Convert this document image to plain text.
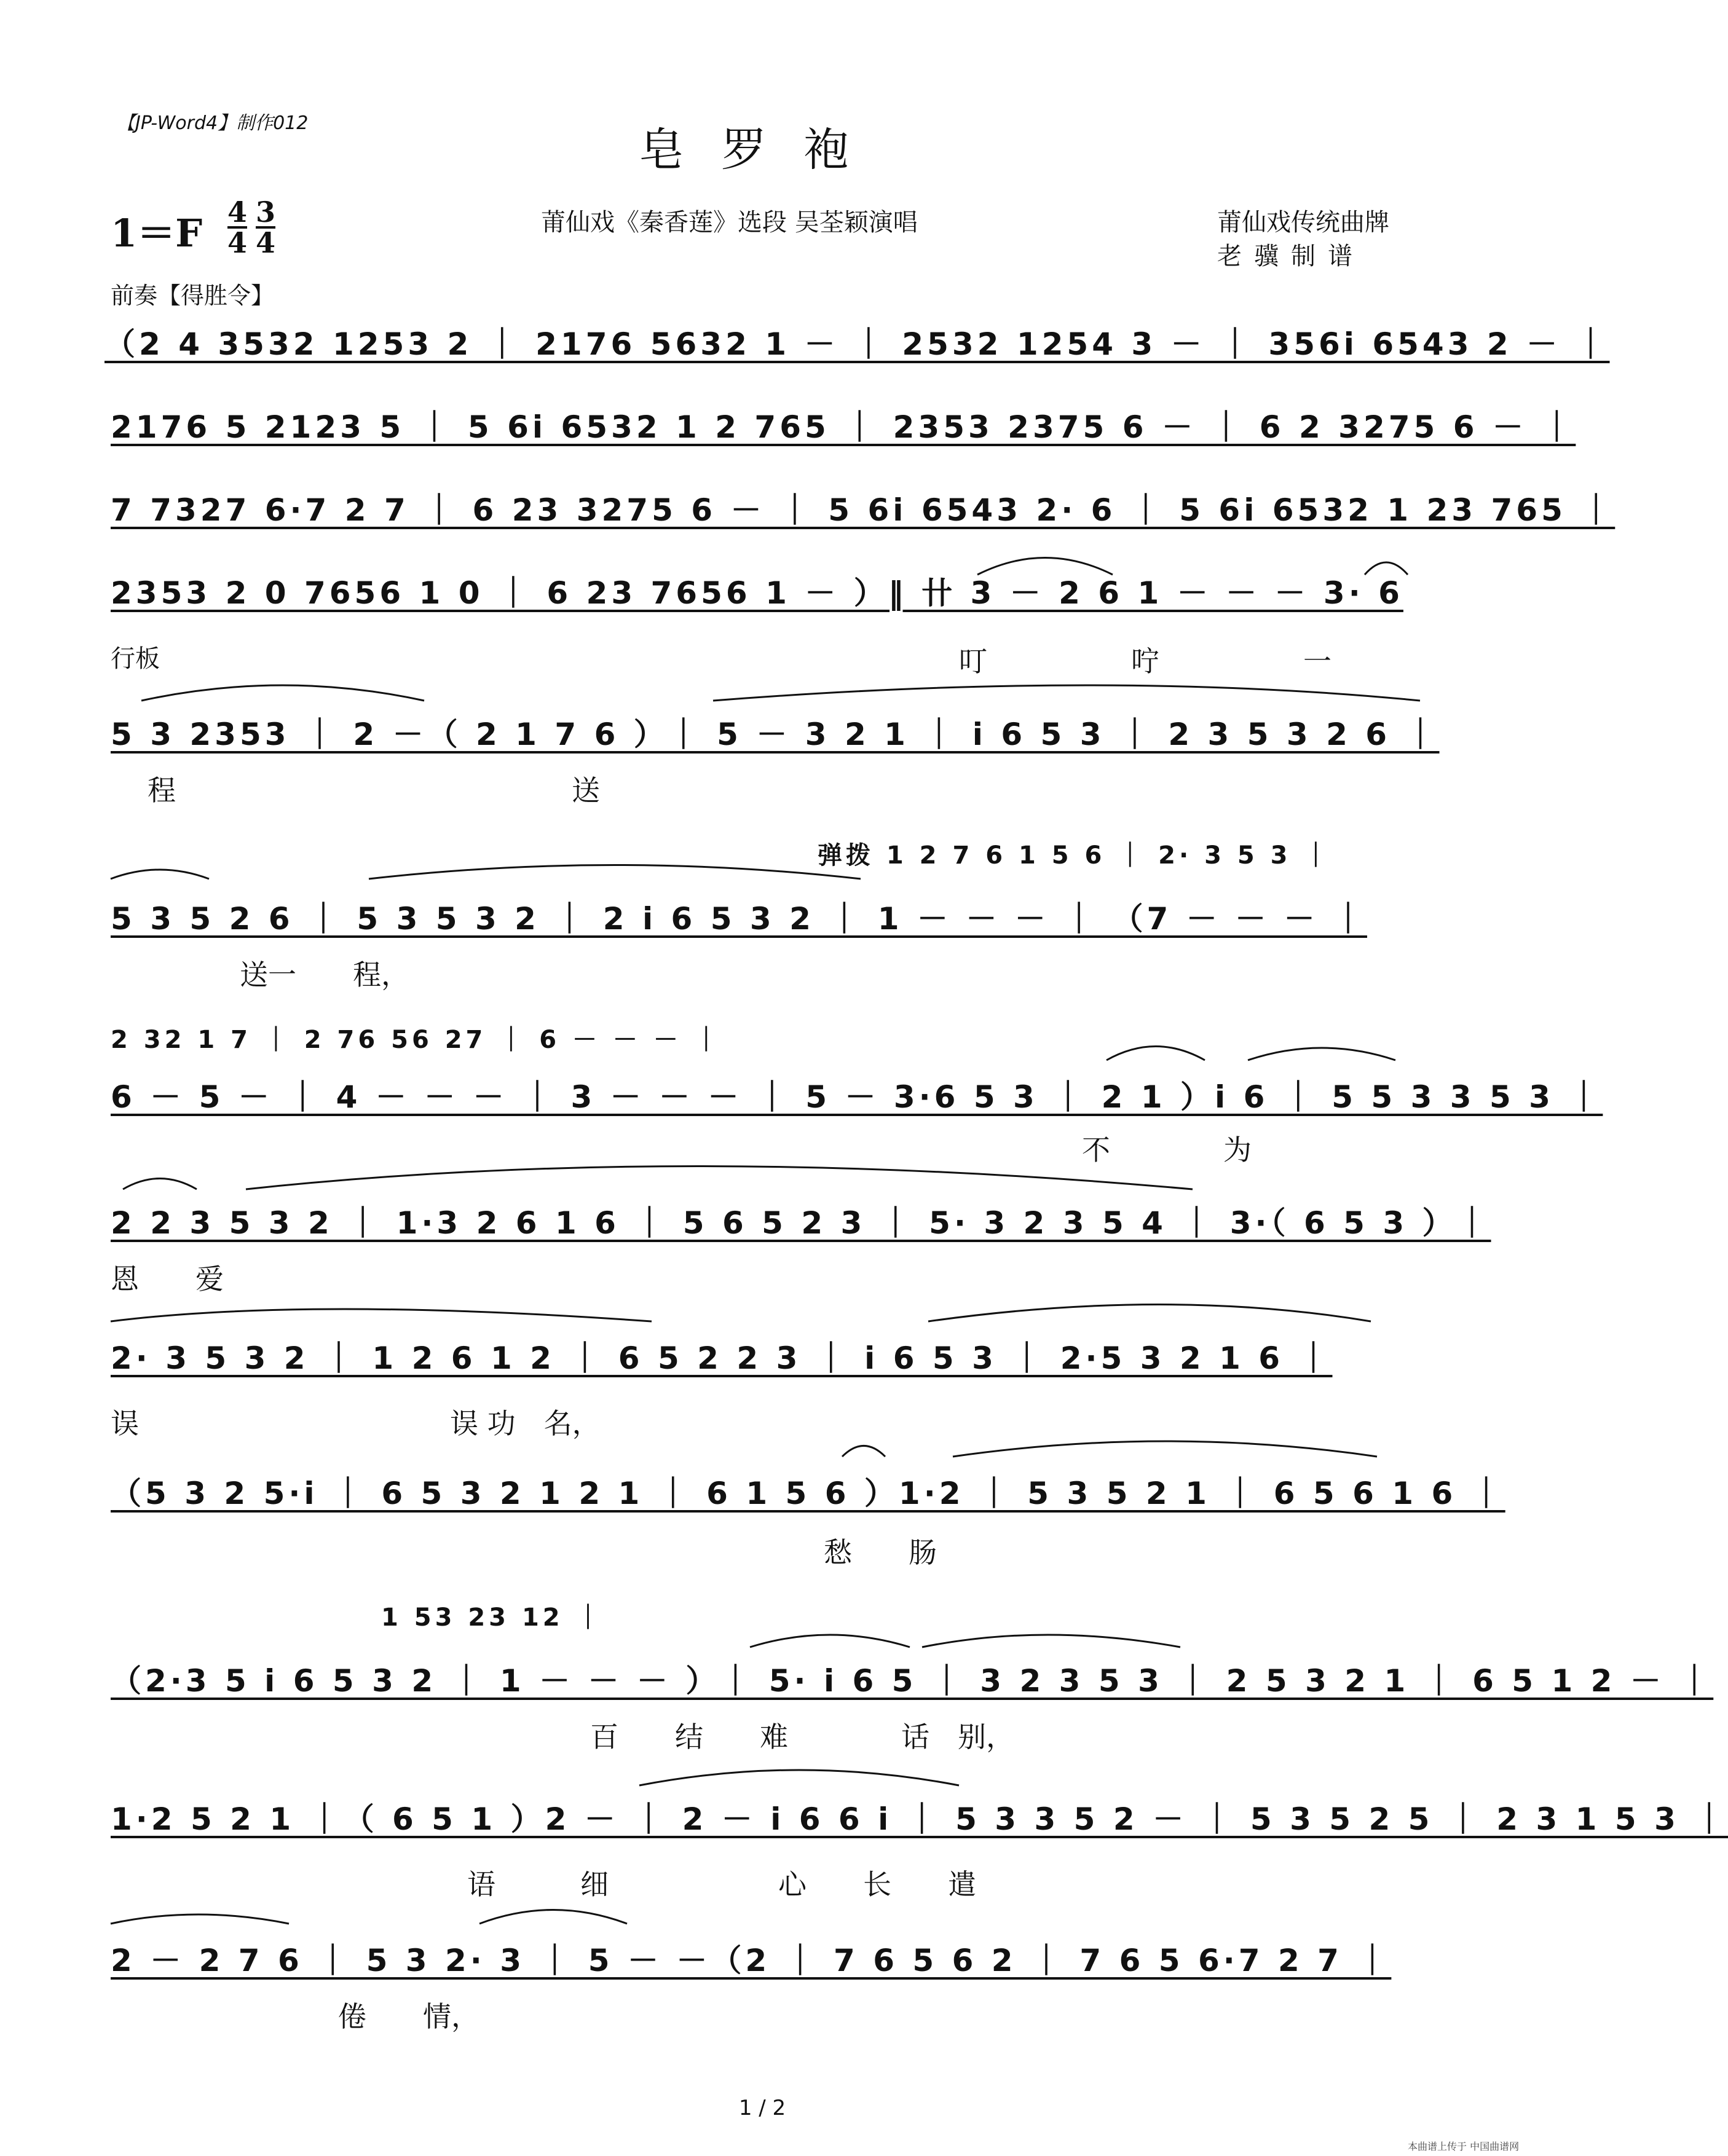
【JP-Word4】制作012
皂罗袍
$1=F \frac{4}{4} \frac{3}{4}$	莆仙戏《秦香莲》选段 吴荃颖演唱	莆仙戏传统曲牌
老骥制谱
前奏【得胜令】
行板
（2 4 3532 1253 2 ｜ 2176 5632 1 － ｜ 2532 1254 3 － ｜ 356i 6543 2 － ｜
2176 5 2123 5 ｜ 5 6i 6532 1 2 765 ｜ 2353 2375 6 － ｜ 6 2 3275 6 － ｜
7 7327 6·7 2 7 ｜ 6 23 3275 6 － ｜ 5 6i 6543 2· 6 ｜ 5 6i 6532 1 23 765 ｜
2353 2 0 7656 1 0 ｜ 6 23 7656 1 － ）‖ 卄 3 － 2 6 1 － － － 3· 6
叮　　　　咛　　　　一
5 3 2353 ｜ 2 －（ 2 1 7 6 ）｜ 5 － 3 2 1 ｜ i 6 5 3 ｜ 2 3 5 3 2 6 ｜
程　　　　　　　　　　　　　　送
弹拨 1 2 7 6 1 5 6 ｜ 2· 3 5 3 ｜
5 3 5 2 6 ｜ 5 3 5 3 2 ｜ 2 i 6 5 3 2 ｜ 1 － － － ｜ （7 － － － ｜
送一　　程，
2 32 1 7 ｜ 2 76 56 27 ｜ 6 － － － ｜
6 － 5 － ｜ 4 － － － ｜ 3 － － － ｜ 5 － 3·6 5 3 ｜ 2 1 ）i 6 ｜ 5 5 3 3 5 3 ｜
不　　　　为
2 2 3 5 3 2 ｜ 1·3 2 6 1 6 ｜ 5 6 5 2 3 ｜ 5· 3 2 3 5 4 ｜ 3·（ 6 5 3 ）｜
恩　　爱
2· 3 5 3 2 ｜ 1 2 6 1 2 ｜ 6 5 2 2 3 ｜ i 6 5 3 ｜ 2·5 3 2 1 6 ｜
误　　　　　　　　　　　误 功　名，
（5 3 2 5·i ｜ 6 5 3 2 1 2 1 ｜ 6 1 5 6 ）1·2 ｜ 5 3 5 2 1 ｜ 6 5 6 1 6 ｜
愁　　肠
1 53 23 12 ｜
（2·3 5 i 6 5 3 2 ｜ 1 － － － ）｜ 5· i 6 5 ｜ 3 2 3 5 3 ｜ 2 5 3 2 1 ｜ 6 5 1 2 － ｜
百　　结　　难　　　　话　别，
1·2 5 2 1 ｜（ 6 5 1 ）2 － ｜ 2 － i 6 6 i ｜ 5 3 3 5 2 － ｜ 5 3 5 2 5 ｜ 2 3 1 5 3 ｜
语　　　细　　　　　　心　　长　　遣
2 － 2 7 6 ｜ 5 3 2· 3 ｜ 5 － －（2 ｜ 7 6 5 6 2 ｜ 7 6 5 6·7 2 7 ｜
倦　　情，
1 / 2
本曲谱上传于 中国曲谱网
